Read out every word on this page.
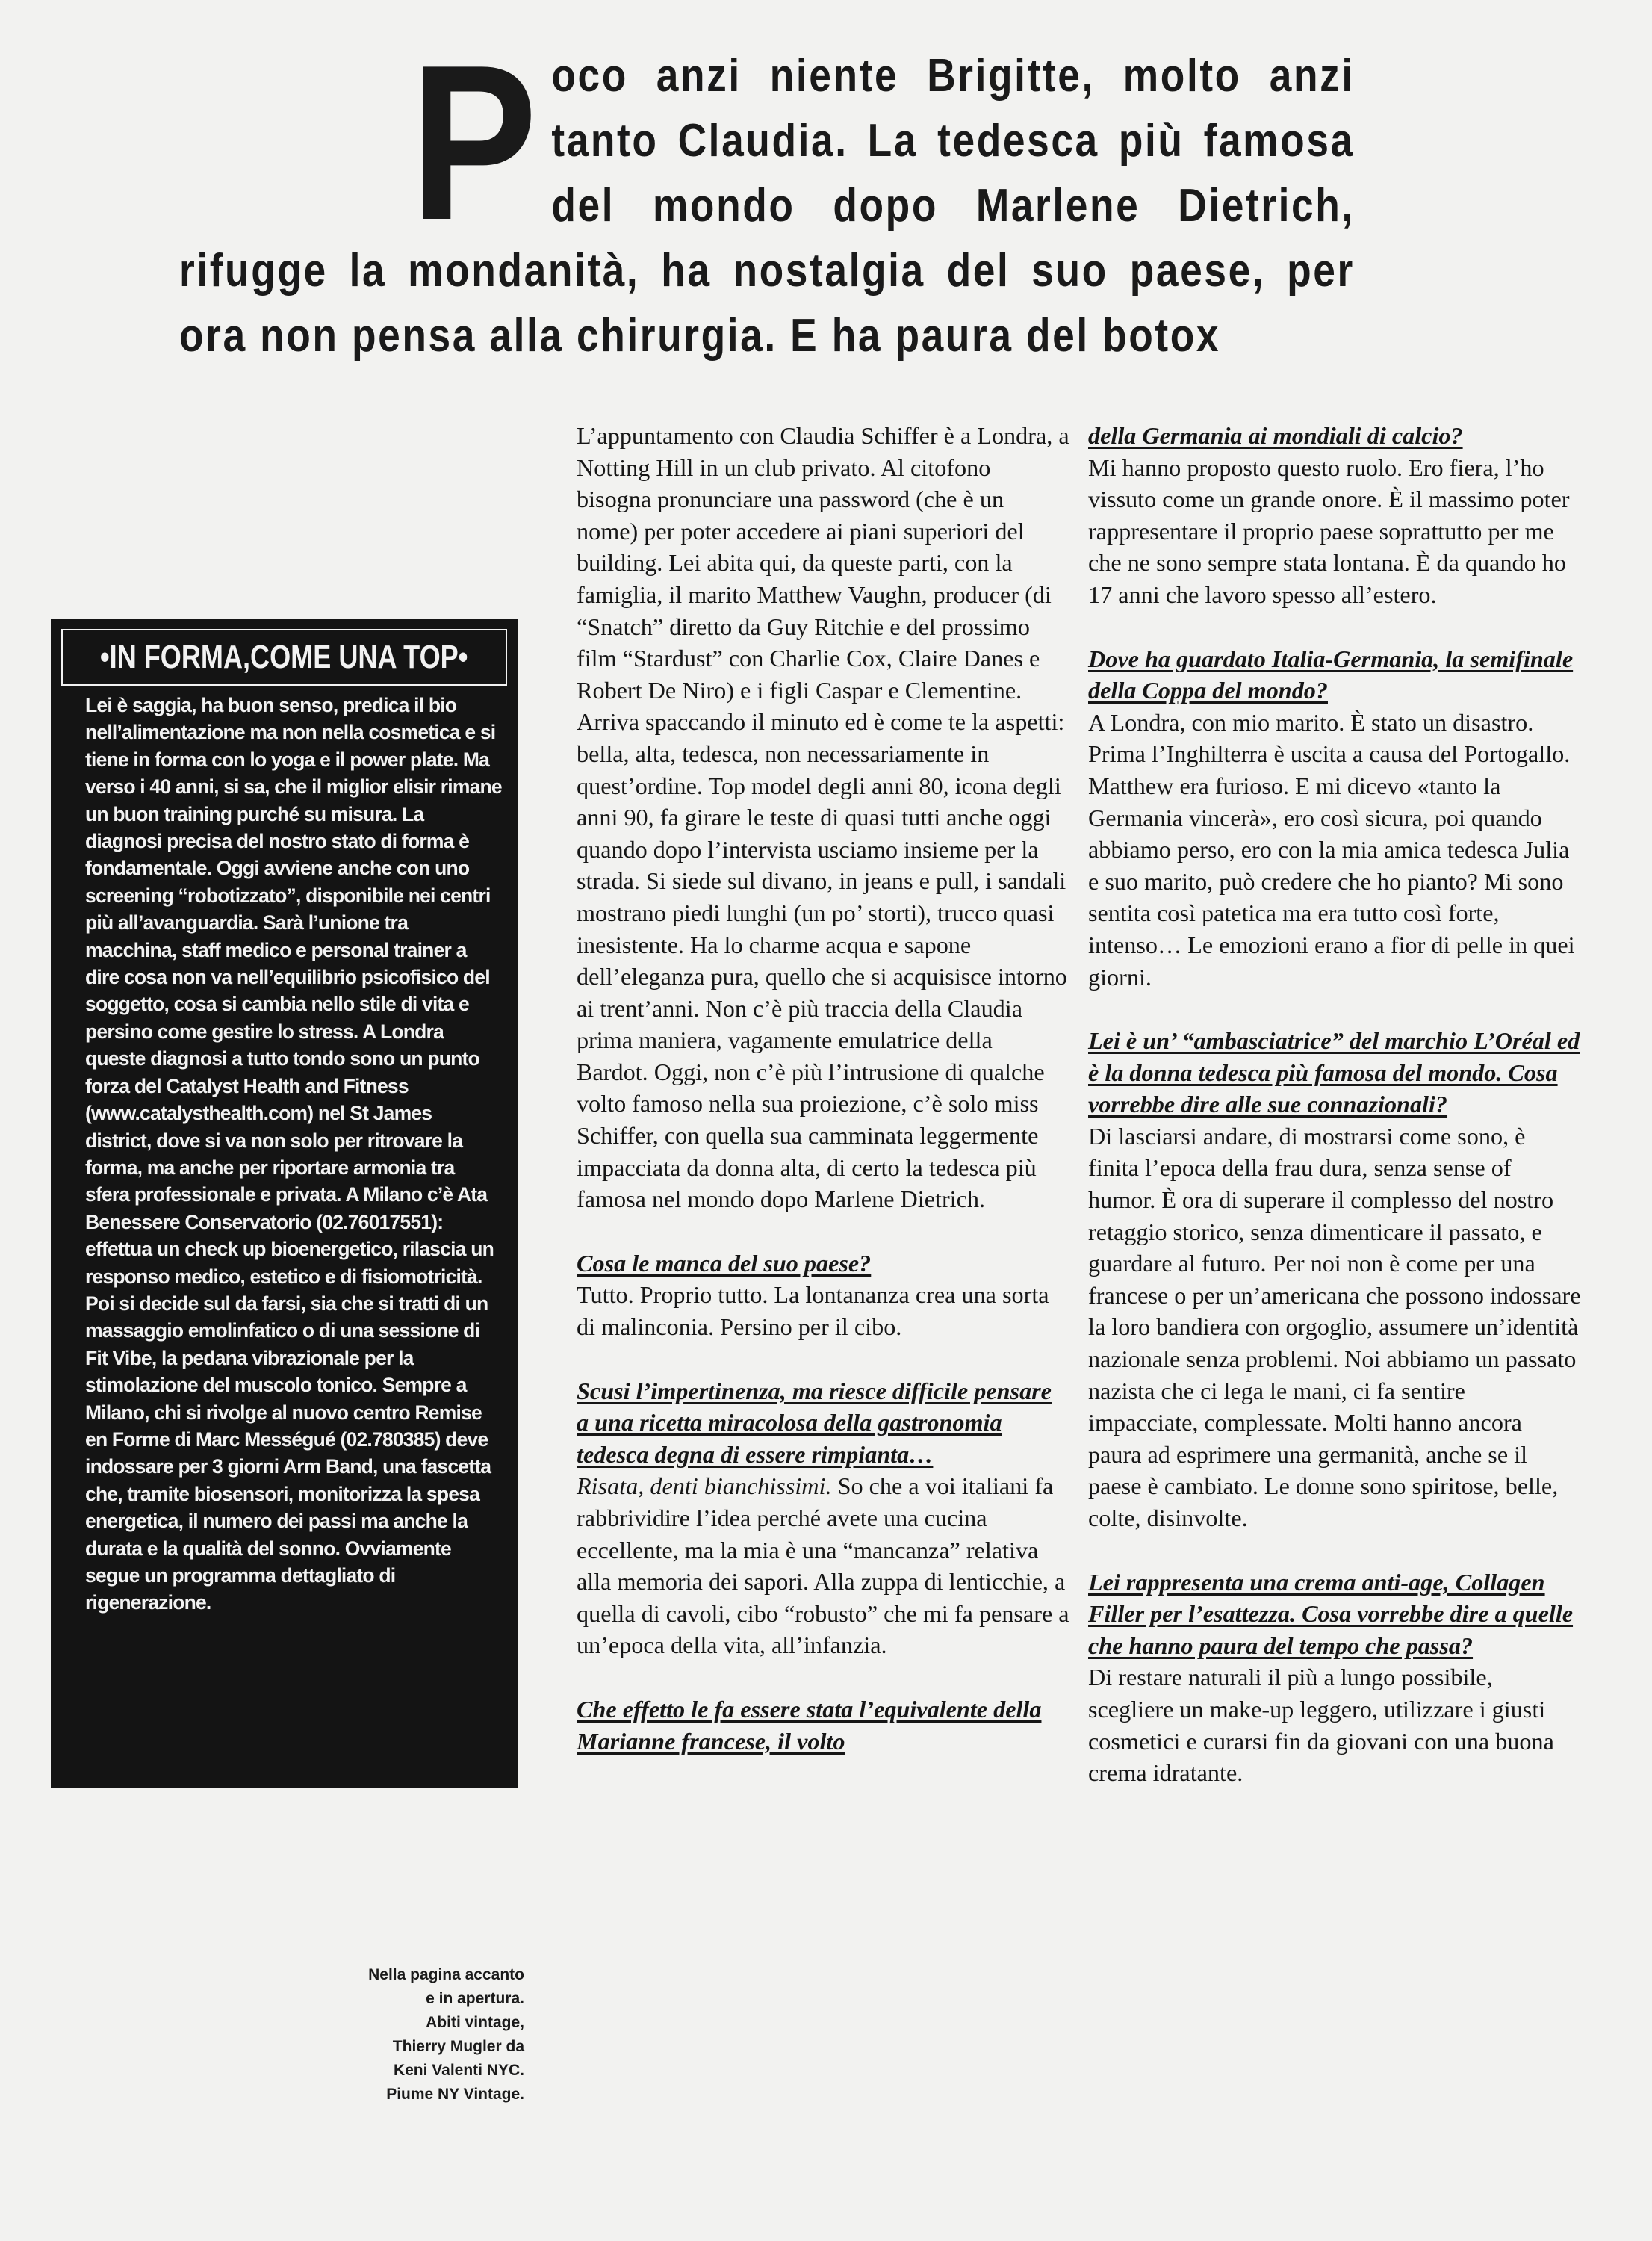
P oco anzi niente Brigitte, molto anzi tanto Claudia. La tedesca più famosa del mondo dopo Marlene Dietrich, rifugge la mondanità, ha nostalgia del suo paese, per ora non pensa alla chirurgia. E ha paura del botox
•IN FORMA,COME UNA TOP•
Lei è saggia, ha buon senso, predica il bio nell’alimentazione ma non nella cosmetica e si tiene in forma con lo yoga e il power plate. Ma verso i 40 anni, si sa, che il miglior elisir rimane un buon training purché su misura. La diagnosi precisa del nostro stato di forma è fondamentale. Oggi avviene anche con uno screening “robotizzato”, disponibile nei centri più all’avanguardia. Sarà l’unione tra macchina, staff medico e personal trainer a dire cosa non va nell’equilibrio psicofisico del soggetto, cosa si cambia nello stile di vita e persino come gestire lo stress. A Londra queste diagnosi a tutto tondo sono un punto forza del Catalyst Health and Fitness (www.catalysthealth.com) nel St James district, dove si va non solo per ritrovare la forma, ma anche per riportare armonia tra sfera professionale e privata. A Milano c’è Ata Benessere Conservatorio (02.76017551): effettua un check up bioenergetico, rilascia un responso medico, estetico e di fisiomotricità. Poi si decide sul da farsi, sia che si tratti di un massaggio emolinfatico o di una sessione di Fit Vibe, la pedana vibrazionale per la stimolazione del muscolo tonico. Sempre a Milano, chi si rivolge al nuovo centro Remise en Forme di Marc Mességué (02.780385) deve indossare per 3 giorni Arm Band, una fascetta che, tramite biosensori, monitorizza la spesa energetica, il numero dei passi ma anche la durata e la qualità del sonno. Ovviamente segue un programma dettagliato di rigenerazione.
Nella pagina accanto
e in apertura.
Abiti vintage,
Thierry Mugler da
Keni Valenti NYC.
Piume NY Vintage.

L’appuntamento con Claudia Schiffer è a Londra, a Notting Hill in un club privato. Al citofono bisogna pronunciare una password (che è un nome) per poter accedere ai piani superiori del building. Lei abita qui, da queste parti, con la famiglia, il marito Matthew Vaughn, producer (di “Snatch” diretto da Guy Ritchie e del prossimo film “Stardust” con Charlie Cox, Claire Danes e Robert De Niro) e i figli Caspar e Clementine. Arriva spaccando il minuto ed è come te la aspetti: bella, alta, tedesca, non necessariamente in quest’ordine. Top model degli anni 80, icona degli anni 90, fa girare le teste di quasi tutti anche oggi quando dopo l’intervista usciamo insieme per la strada. Si siede sul divano, in jeans e pull, i sandali mostrano piedi lunghi (un po’ storti), trucco quasi inesistente. Ha lo charme acqua e sapone dell’eleganza pura, quello che si acquisisce intorno ai trent’anni. Non c’è più traccia della Claudia prima maniera, vagamente emulatrice della Bardot. Oggi, non c’è più l’intrusione di qualche volto famoso nella sua proiezione, c’è solo miss Schiffer, con quella sua camminata leggermente impacciata da donna alta, di certo la tedesca più famosa nel mondo dopo Marlene Dietrich.

Cosa le manca del suo paese?

Tutto. Proprio tutto. La lontananza crea una sorta di malinconia. Persino per il cibo.

Scusi l’impertinenza, ma riesce difficile pensare a una ricetta miracolosa della gastronomia tedesca degna di essere rimpianta…

Risata, denti bianchissimi. So che a voi italiani fa rabbrividire l’idea perché avete una cucina eccellente, ma la mia è una “mancanza” relativa alla memoria dei sapori. Alla zuppa di lenticchie, a quella di cavoli, cibo “robusto” che mi fa pensare a un’epoca della vita, all’infanzia.

Che effetto le fa essere stata l’equivalente della Marianne francese, il volto

della Germania ai mondiali di calcio?

Mi hanno proposto questo ruolo. Ero fiera, l’ho vissuto come un grande onore. È il massimo poter rappresentare il proprio paese soprattutto per me che ne sono sempre stata lontana. È da quando ho 17 anni che lavoro spesso all’estero.

Dove ha guardato Italia-Germania, la semifinale della Coppa del mondo?

A Londra, con mio marito. È stato un disastro. Prima l’Inghilterra è uscita a causa del Portogallo. Matthew era furioso. E mi dicevo «tanto la Germania vincerà», ero così sicura, poi quando abbiamo perso, ero con la mia amica tedesca Julia e suo marito, può credere che ho pianto? Mi sono sentita così patetica ma era tutto così forte, intenso… Le emozioni erano a fior di pelle in quei giorni.

Lei è un’ “ambasciatrice” del marchio L’Oréal ed è la donna tedesca più famosa del mondo. Cosa vorrebbe dire alle sue connazionali?

Di lasciarsi andare, di mostrarsi come sono, è finita l’epoca della frau dura, senza sense of humor. È ora di superare il complesso del nostro retaggio storico, senza dimenticare il passato, e guardare al futuro. Per noi non è come per una francese o per un’americana che possono indossare la loro bandiera con orgoglio, assumere un’identità nazionale senza problemi. Noi abbiamo un passato nazista che ci lega le mani, ci fa sentire impacciate, complessate. Molti hanno ancora paura ad esprimere una germanità, anche se il paese è cambiato. Le donne sono spiritose, belle, colte, disinvolte.

Lei rappresenta una crema anti-age, Collagen Filler per l’esattezza. Cosa vorrebbe dire a quelle che hanno paura del tempo che passa?

Di restare naturali il più a lungo possibile, scegliere un make-up leggero, utilizzare i giusti cosmetici e curarsi fin da giovani con una buona crema idratante.
